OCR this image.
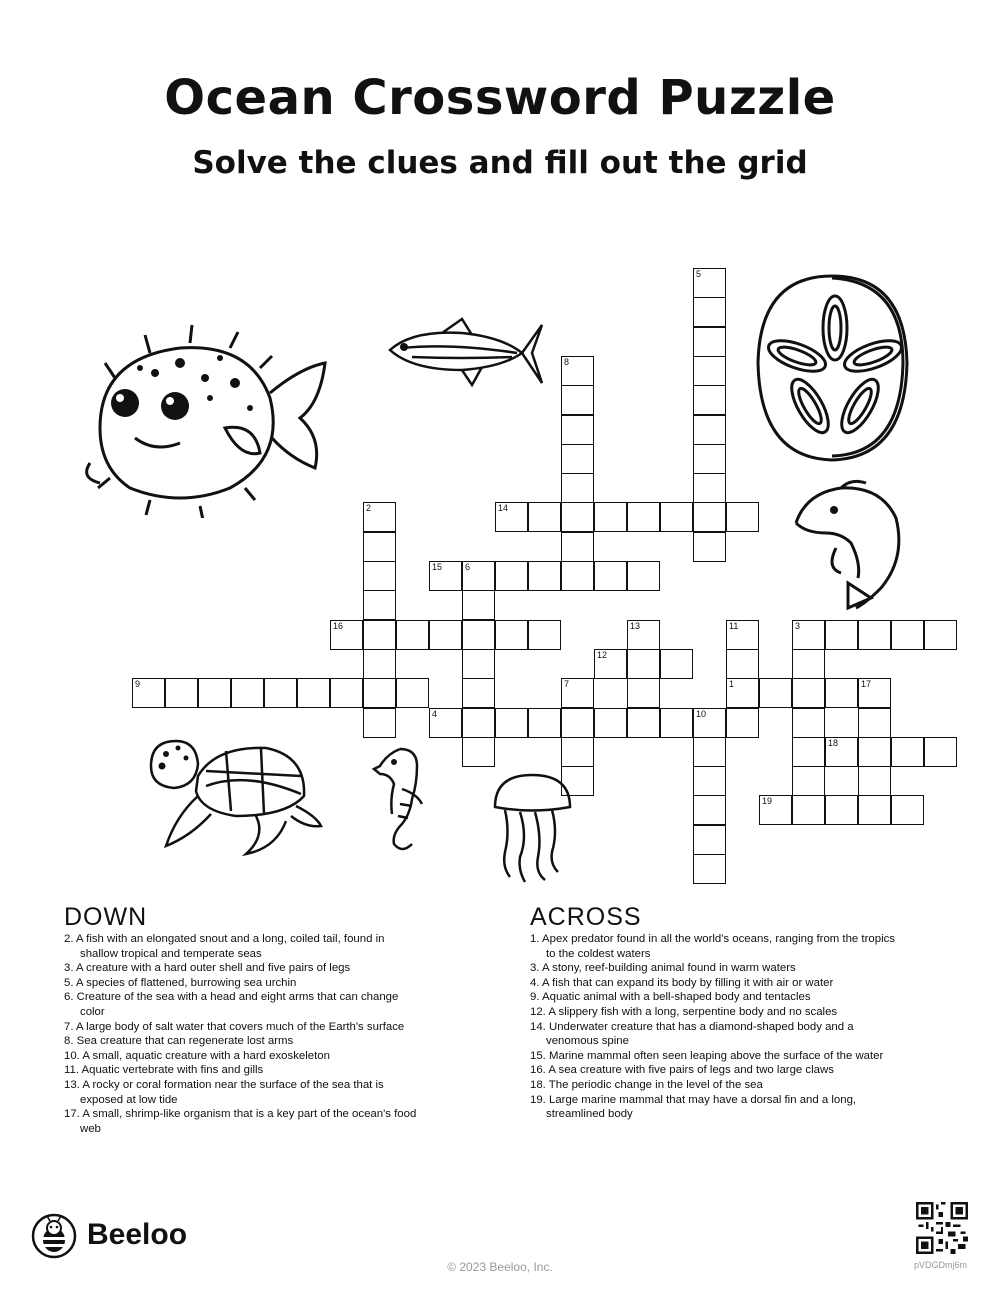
Ocean Crossword Puzzle
Solve the clues and fill out the grid
5
8
2	14
15	6
16	13	11	3
12
9	7	1	17
4	10
18
19
DOWN
2. A fish with an elongated snout and a long, coiled tail, found in shallow tropical and temperate seas
3. A creature with a hard outer shell and five pairs of legs
5. A species of flattened, burrowing sea urchin
6. Creature of the sea with a head and eight arms that can change color
7. A large body of salt water that covers much of the Earth's surface
8. Sea creature that can regenerate lost arms
10. A small, aquatic creature with a hard exoskeleton
11. Aquatic vertebrate with fins and gills
13. A rocky or coral formation near the surface of the sea that is exposed at low tide
17. A small, shrimp-like organism that is a key part of the ocean's food web
ACROSS
1. Apex predator found in all the world's oceans, ranging from the tropics to the coldest waters
3. A stony, reef-building animal found in warm waters
4. A fish that can expand its body by filling it with air or water
9. Aquatic animal with a bell-shaped body and tentacles
12. A slippery fish with a long, serpentine body and no scales
14. Underwater creature that has a diamond-shaped body and a venomous spine
15. Marine mammal often seen leaping above the surface of the water
16. A sea creature with five pairs of legs and two large claws
18. The periodic change in the level of the sea
19. Large marine mammal that may have a dorsal fin and a long, streamlined body
Beeloo
© 2023 Beeloo, Inc.	pVDGDmj6m
